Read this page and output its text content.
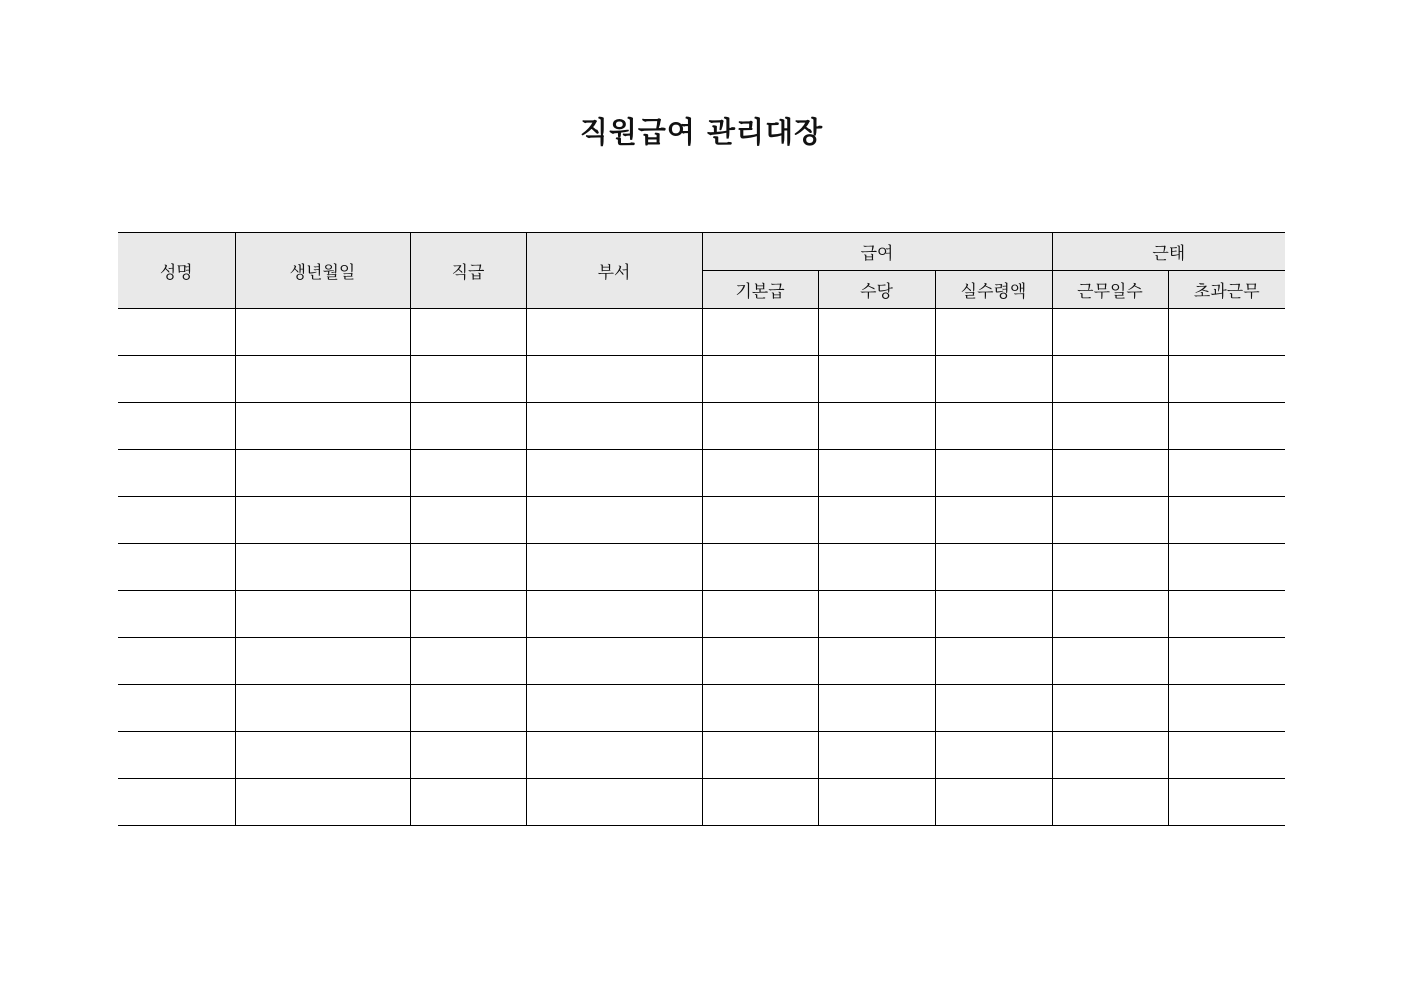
직원급여 관리대장
성명	생년월일	직급	부서	급여			근태	
				기본급	수당	실수령액	근무일수	초과근무
